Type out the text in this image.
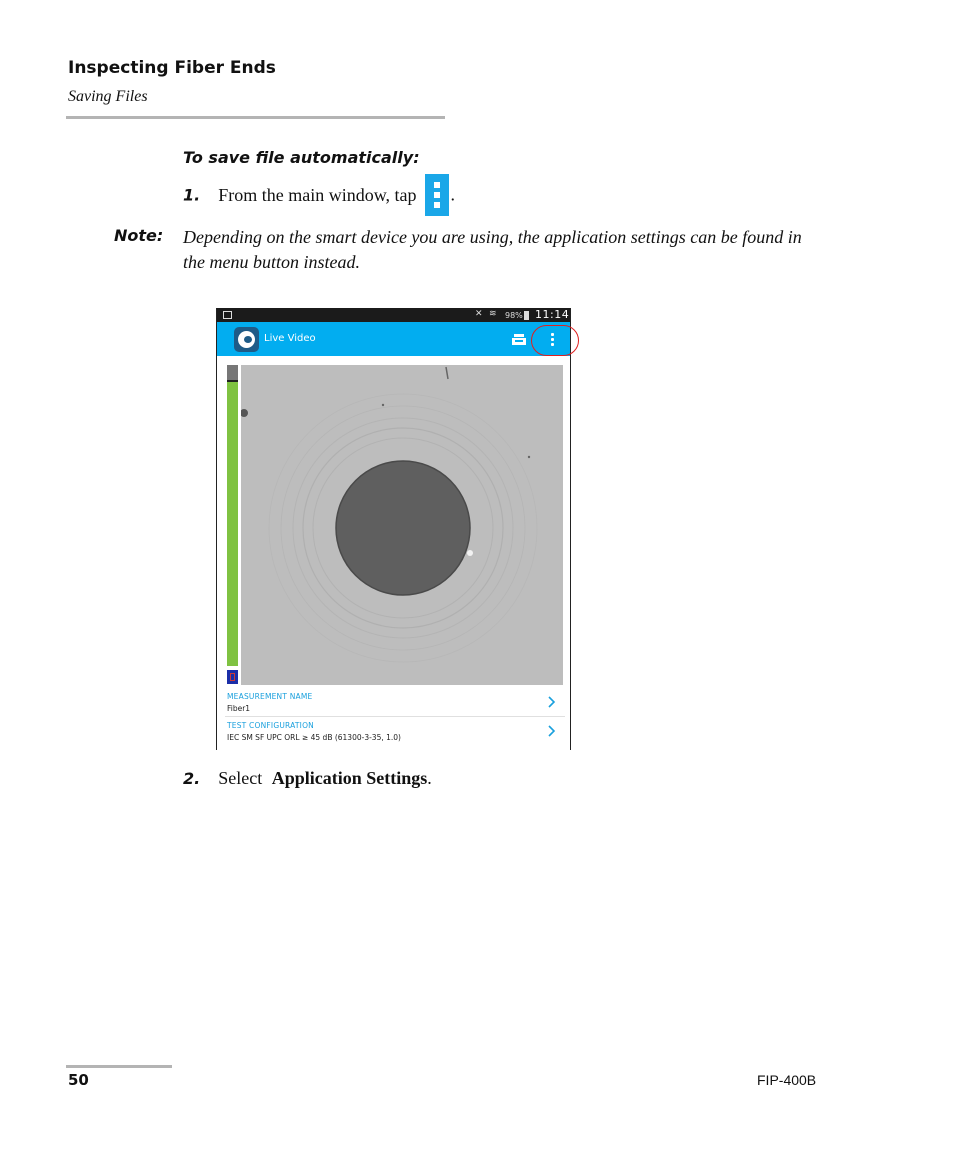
Inspecting Fiber Ends
Saving Files
To save file automatically:
1. From the main window, tap .
Note: Depending on the smart device you are using, the application settings can be found in the menu button instead.
✕ ≋ 98% 11:14
Live Video
MEASUREMENT NAME
Fiber1
TEST CONFIGURATION
IEC SM SF UPC ORL ≥ 45 dB (61300-3-35, 1.0)
2. Select Application Settings.
50	FIP-400B
